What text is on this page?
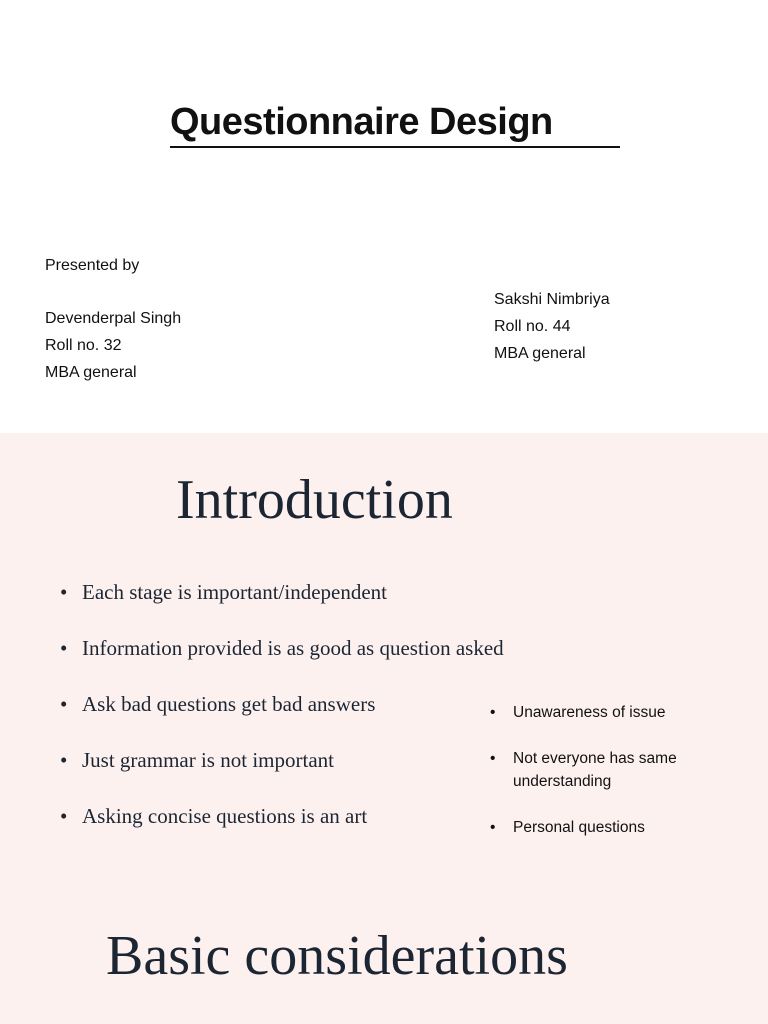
Questionnaire Design
Presented by
Devenderpal Singh
Roll no. 32
MBA general
Sakshi Nimbriya
Roll no. 44
MBA general
Introduction
• Each stage is important/independent
• Information provided is as good as question asked
• Ask bad questions get bad answers
• Just grammar is not important
• Asking concise questions is an art
• Unawareness of issue
• Not everyone has same understanding
• Personal questions
Basic considerations
